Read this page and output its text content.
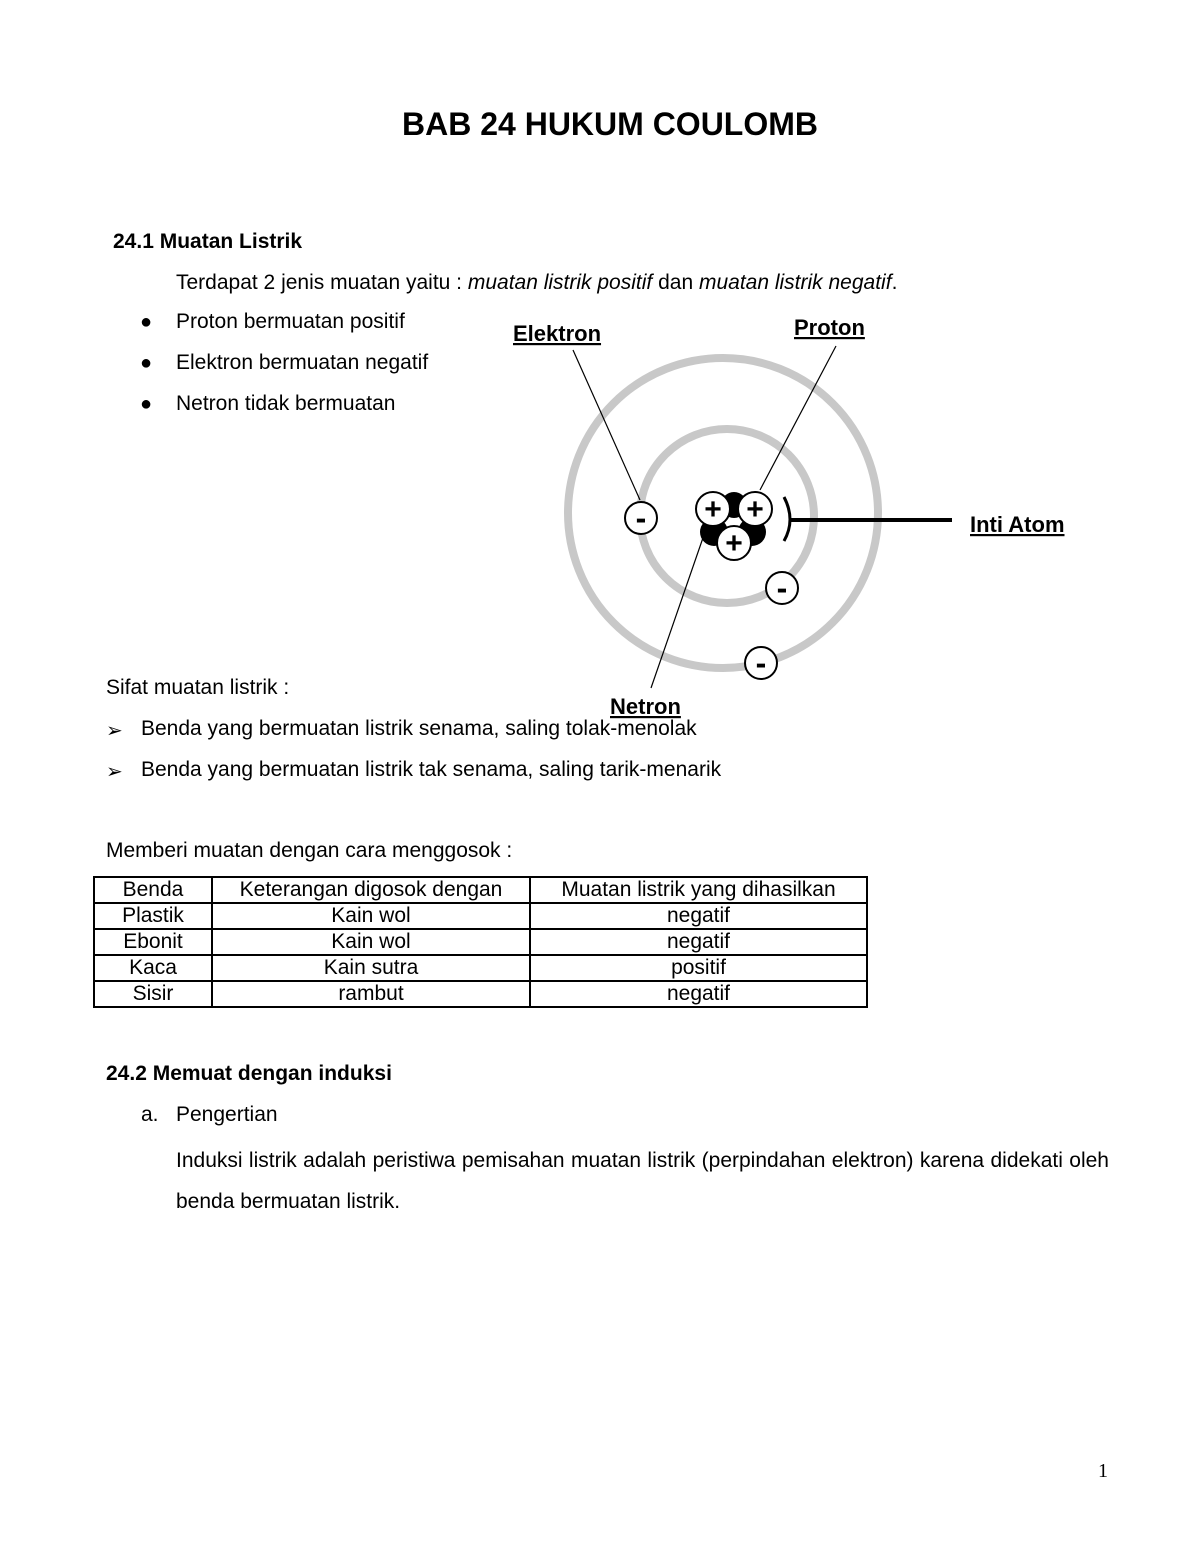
BAB 24 HUKUM COULOMB
24.1 Muatan Listrik
Terdapat 2 jenis muatan yaitu : muatan listrik positif dan muatan listrik negatif.
● Proton bermuatan positif
● Elektron bermuatan negatif
● Netron tidak bermuatan
Elektron	Proton
Inti Atom
Netron
+ +
+
-
-
-
Sifat muatan listrik :
➢ Benda yang bermuatan listrik senama, saling tolak-menolak
➢ Benda yang bermuatan listrik tak senama, saling tarik-menarik
Memberi muatan dengan cara menggosok :
Benda	Keterangan digosok dengan	Muatan listrik yang dihasilkan
Plastik	Kain wol	negatif
Ebonit	Kain wol	negatif
Kaca	Kain sutra	positif
Sisir	rambut	negatif
24.2 Memuat dengan induksi
a. Pengertian
Induksi listrik adalah peristiwa pemisahan muatan listrik (perpindahan elektron) karena didekati oleh benda bermuatan listrik.
1
